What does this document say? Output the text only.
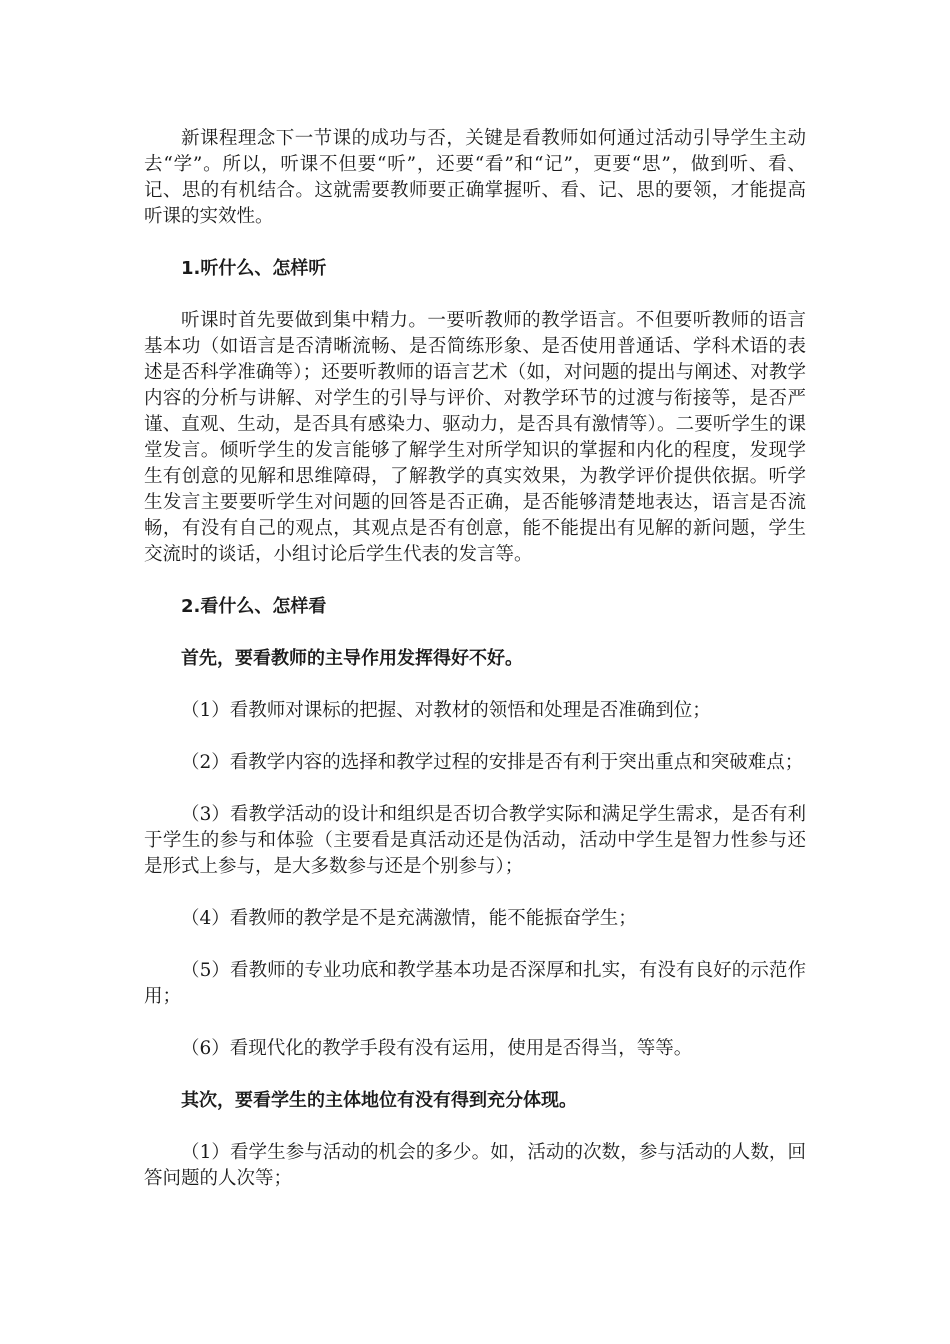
新课程理念下一节课的成功与否，关键是看教师如何通过活动引导学生主动去“学”。所以，听课不但要“听”，还要“看”和“记”，更要“思”，做到听、看、记、思的有机结合。这就需要教师要正确掌握听、看、记、思的要领，才能提高听课的实效性。

1.听什么、怎样听

听课时首先要做到集中精力。一要听教师的教学语言。不但要听教师的语言基本功（如语言是否清晰流畅、是否简练形象、是否使用普通话、学科术语的表述是否科学准确等）；还要听教师的语言艺术（如，对问题的提出与阐述、对教学内容的分析与讲解、对学生的引导与评价、对教学环节的过渡与衔接等，是否严谨、直观、生动，是否具有感染力、驱动力，是否具有激情等）。二要听学生的课堂发言。倾听学生的发言能够了解学生对所学知识的掌握和内化的程度，发现学生有创意的见解和思维障碍，了解教学的真实效果，为教学评价提供依据。听学生发言主要要听学生对问题的回答是否正确，是否能够清楚地表达，语言是否流畅，有没有自己的观点，其观点是否有创意，能不能提出有见解的新问题，学生交流时的谈话，小组讨论后学生代表的发言等。

2.看什么、怎样看

首先，要看教师的主导作用发挥得好不好。

（1）看教师对课标的把握、对教材的领悟和处理是否准确到位；

（2）看教学内容的选择和教学过程的安排是否有利于突出重点和突破难点；

（3）看教学活动的设计和组织是否切合教学实际和满足学生需求，是否有利于学生的参与和体验（主要看是真活动还是伪活动，活动中学生是智力性参与还是形式上参与，是大多数参与还是个别参与）；

（4）看教师的教学是不是充满激情，能不能振奋学生；

（5）看教师的专业功底和教学基本功是否深厚和扎实，有没有良好的示范作用；

（6）看现代化的教学手段有没有运用，使用是否得当，等等。

其次，要看学生的主体地位有没有得到充分体现。

（1）看学生参与活动的机会的多少。如，活动的次数，参与活动的人数，回答问题的人次等；
